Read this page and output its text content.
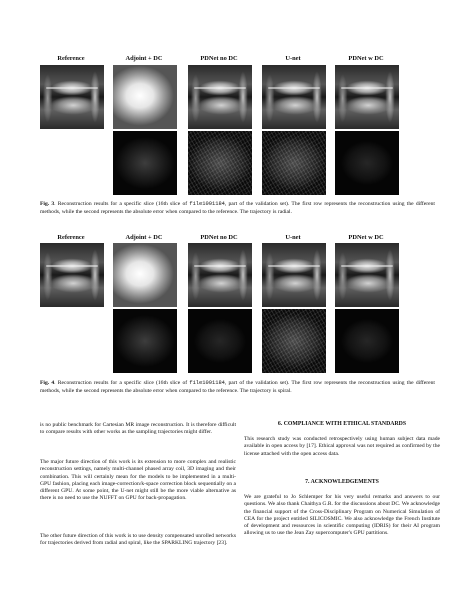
Reference	Adjoint + DC	PDNet no DC	U-net	PDNet w DC
Fig. 3. Reconstruction results for a specific slice (16th slice of file1001184, part of the validation set). The first row represents the reconstruction using the different methods, while the second represents the absolute error when compared to the reference. The trajectory is radial.
Reference	Adjoint + DC	PDNet no DC	U-net	PDNet w DC
Fig. 4. Reconstruction results for a specific slice (16th slice of file1001184, part of the validation set). The first row represents the reconstruction using the different methods, while the second represents the absolute error when compared to the reference. The trajectory is spiral.
is no public benchmark for Cartesian MR image reconstruction. It is therefore difficult to compare results with other works as the sampling trajectories might differ.
The major future direction of this work is its extension to more complex and realistic reconstruction settings, namely multi-channel phased array coil, 3D imaging and their combination. This will certainly mean for the models to be implemented in a multi-GPU fashion, placing each image-correction/k-space correction block sequentially on a different GPU. At some point, the U-net might still be the more viable alternative as there is no need to use the NUFFT on GPU for back-propagation.
The other future direction of this work is to use density compensated unrolled networks for trajectories derived from radial and spiral, like the SPARKLING trajectory [23].
6. COMPLIANCE WITH ETHICAL STANDARDS
This research study was conducted retrospectively using human subject data made available in open access by [17]. Ethical approval was not required as confirmed by the license attached with the open access data.
7. ACKNOWLEDGEMENTS
We are grateful to Jo Schlemper for his very useful remarks and answers to our questions. We also thank Chaithya G.R. for the discussions about DC. We acknowledge the financial support of the Cross-Disciplinary Program on Numerical Simulation of CEA for the project entitled SILICOSMIC. We also acknowledge the French Institute of development and ressources in scientific computing (IDRIS) for their AI program allowing us to use the Jean Zay supercomputer's GPU partitions.
